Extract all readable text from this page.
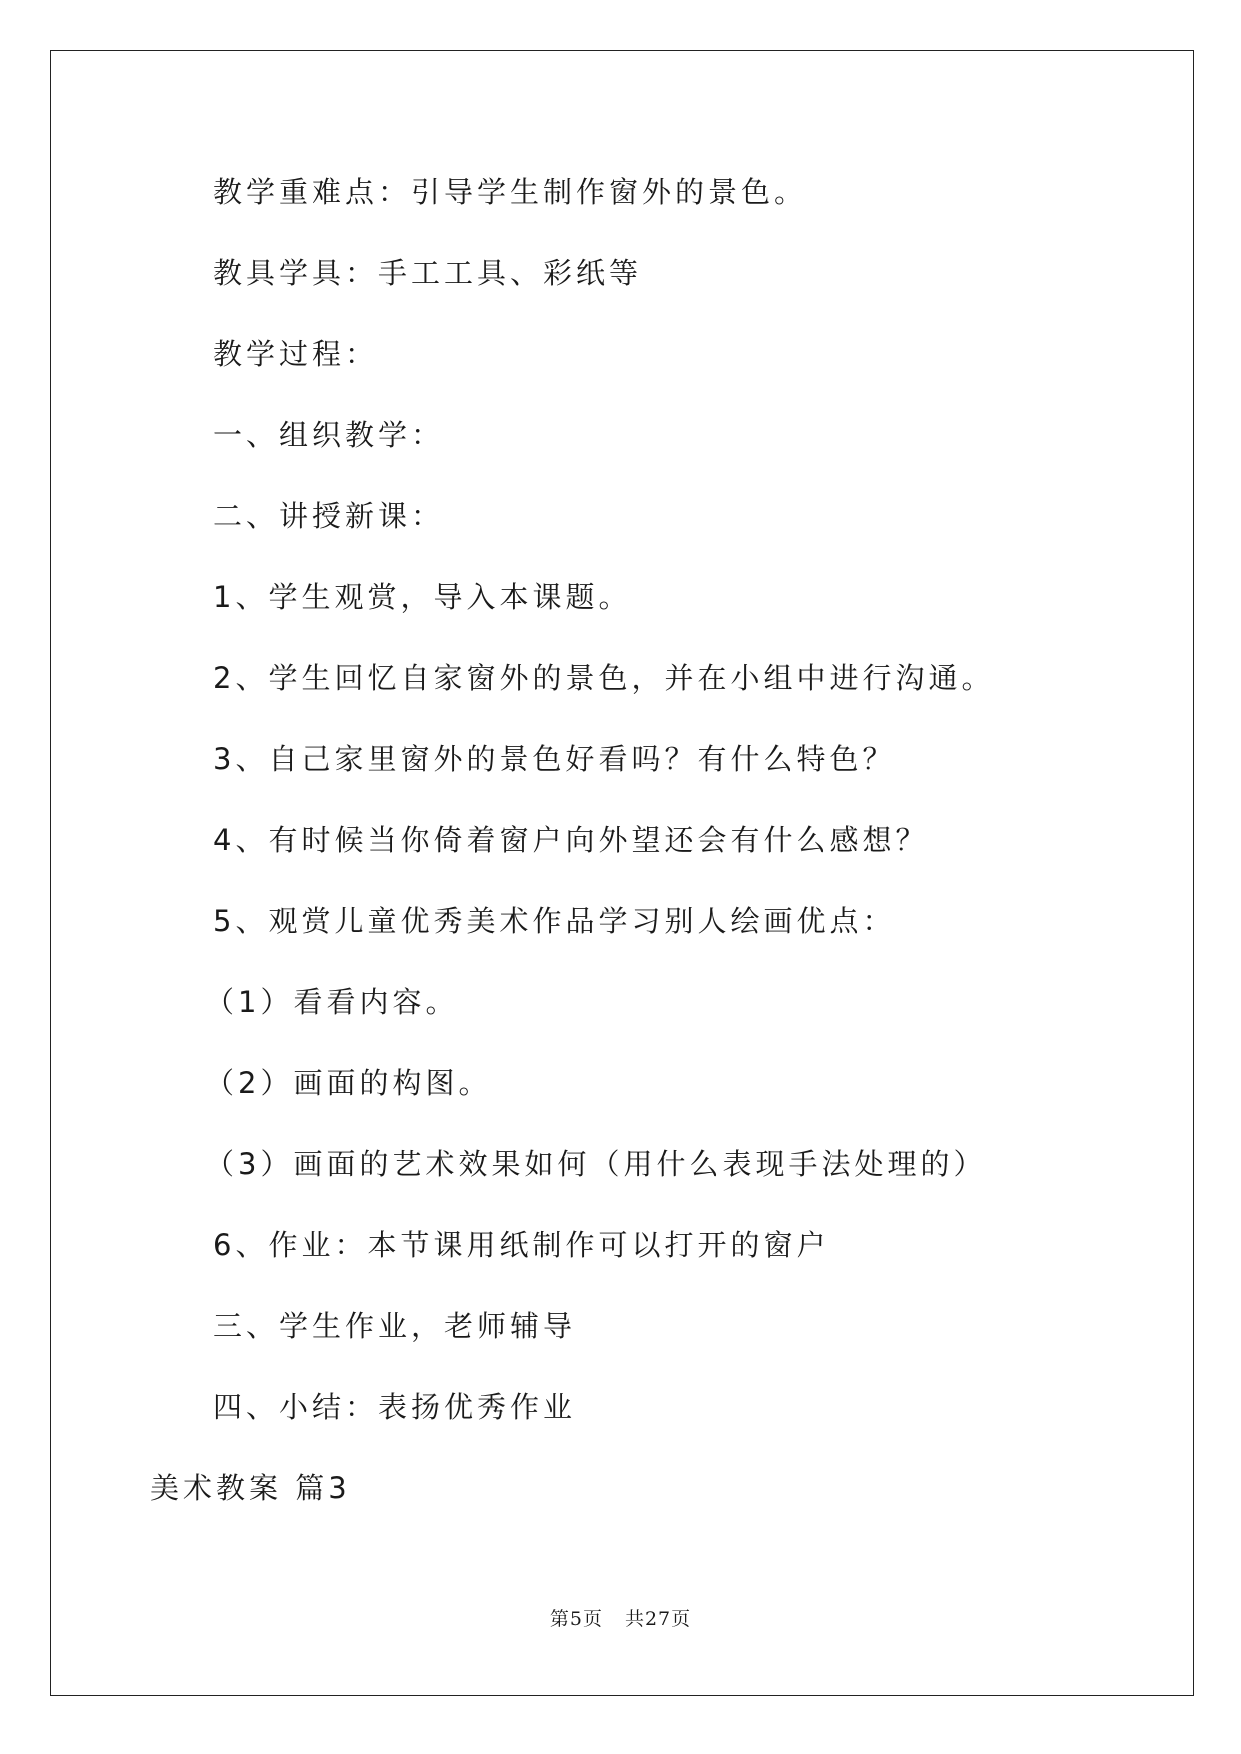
教学重难点：引导学生制作窗外的景色。
教具学具：手工工具、彩纸等
教学过程：
一、组织教学：
二、讲授新课：
1、学生观赏，导入本课题。
2、学生回忆自家窗外的景色，并在小组中进行沟通。
3、自己家里窗外的景色好看吗？有什么特色？
4、有时候当你倚着窗户向外望还会有什么感想？
5、观赏儿童优秀美术作品学习别人绘画优点：
（1）看看内容。
（2）画面的构图。
（3）画面的艺术效果如何（用什么表现手法处理的）
6、作业：本节课用纸制作可以打开的窗户
三、学生作业，老师辅导
四、小结：表扬优秀作业
美术教案 篇3
第5页 共27页
